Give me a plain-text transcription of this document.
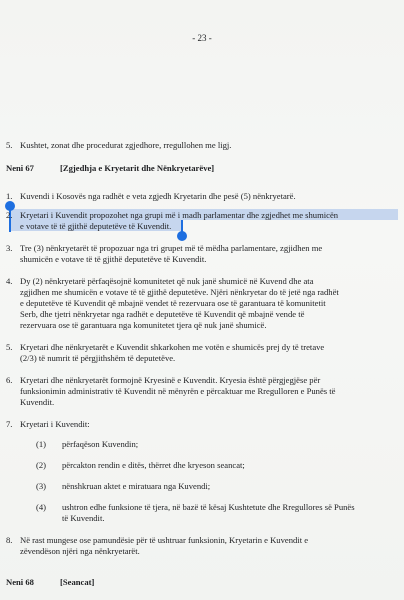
- 23 -
5. Kushtet, zonat dhe procedurat zgjedhore, rregullohen me ligj.
Neni 67	[Zgjedhja e Kryetarit dhe Nënkryetarëve]
1. Kuvendi i Kosovës nga radhët e veta zgjedh Kryetarin dhe pesë (5) nënkryetarë.
2. Kryetari i Kuvendit propozohet nga grupi më i madh parlamentar dhe zgjedhet me shumicën
e votave të të gjithë deputetëve të Kuvendit.
3. Tre (3) nënkryetarët të propozuar nga tri grupet më të mëdha parlamentare, zgjidhen me
shumicën e votave të të gjithë deputetëve të Kuvendit.
4. Dy (2) nënkryetarë përfaqësojnë komunitetet që nuk janë shumicë në Kuvend dhe ata
zgjidhen me shumicën e votave të të gjithë deputetëve. Njëri nënkryetar do të jetë nga radhët
e deputetëve të Kuvendit që mbajnë vendet të rezervuara ose të garantuara të komunitetit
Serb, dhe tjetri nënkryetar nga radhët e deputetëve të Kuvendit që mbajnë vende të
rezervuara ose të garantuara nga komunitetet tjera që nuk janë shumicë.
5. Kryetari dhe nënkryetarët e Kuvendit shkarkohen me votën e shumicës prej dy të tretave
(2/3) të numrit të përgjithshëm të deputetëve.
6. Kryetari dhe nënkryetarët formojnë Kryesinë e Kuvendit. Kryesia është përgjegjëse për
funksionimin administrativ të Kuvendit në mënyrën e përcaktuar me Rregulloren e Punës të
Kuvendit.
7. Kryetari i Kuvendit:
(1) përfaqëson Kuvendin;
(2) përcakton rendin e ditës, thërret dhe kryeson seancat;
(3) nënshkruan aktet e miratuara nga Kuvendi;
(4) ushtron edhe funksione të tjera, në bazë të kësaj Kushtetute dhe Rregullores së Punës
të Kuvendit.
8. Në rast mungese ose pamundësie për të ushtruar funksionin, Kryetarin e Kuvendit e
zëvendëson njëri nga nënkryetarët.
Neni 68	[Seancat]
